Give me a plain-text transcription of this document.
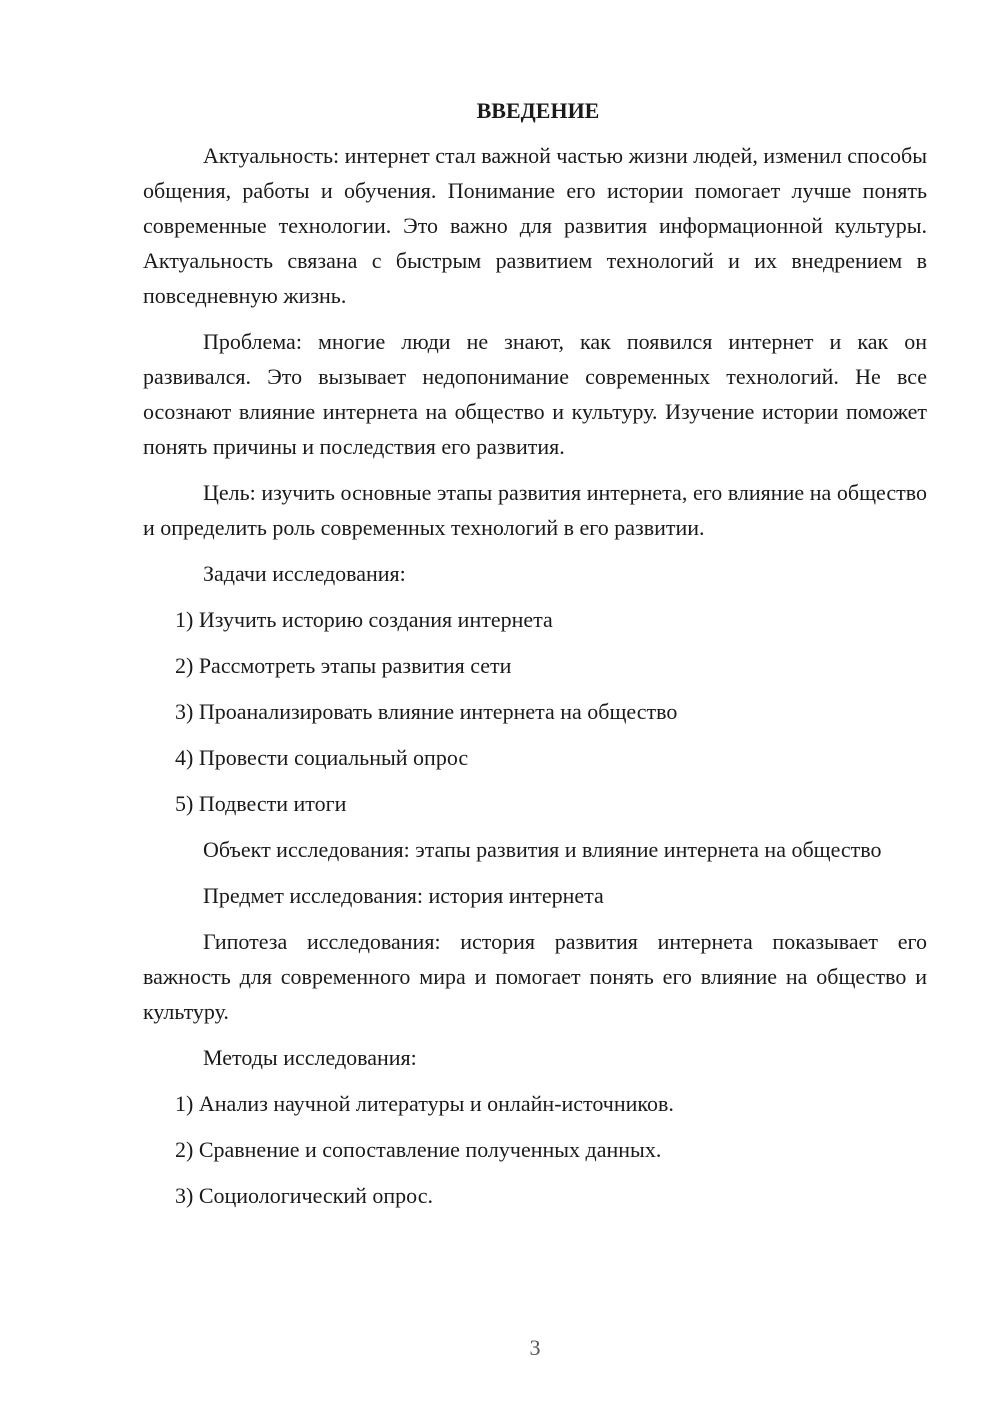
ВВЕДЕНИЕ

Актуальность: интернет стал важной частью жизни людей, изменил способы общения, работы и обучения. Понимание его истории помогает лучше понять современные технологии. Это важно для развития информационной культуры. Актуальность связана с быстрым развитием технологий и их внедрением в повседневную жизнь.

Проблема: многие люди не знают, как появился интернет и как он развивался. Это вызывает недопонимание современных технологий. Не все осознают влияние интернета на общество и культуру. Изучение истории поможет понять причины и последствия его развития.

Цель: изучить основные этапы развития интернета, его влияние на общество и определить роль современных технологий в его развитии.

Задачи исследования:

1) Изучить историю создания интернета

2) Рассмотреть этапы развития сети

3) Проанализировать влияние интернета на общество

4) Провести социальный опрос

5) Подвести итоги

Объект исследования: этапы развития и влияние интернета на общество

Предмет исследования: история интернета

Гипотеза исследования: история развития интернета показывает его важность для современного мира и помогает понять его влияние на общество и культуру.

Методы исследования:

1) Анализ научной литературы и онлайн-источников.

2) Сравнение и сопоставление полученных данных.

3) Социологический опрос.

3
